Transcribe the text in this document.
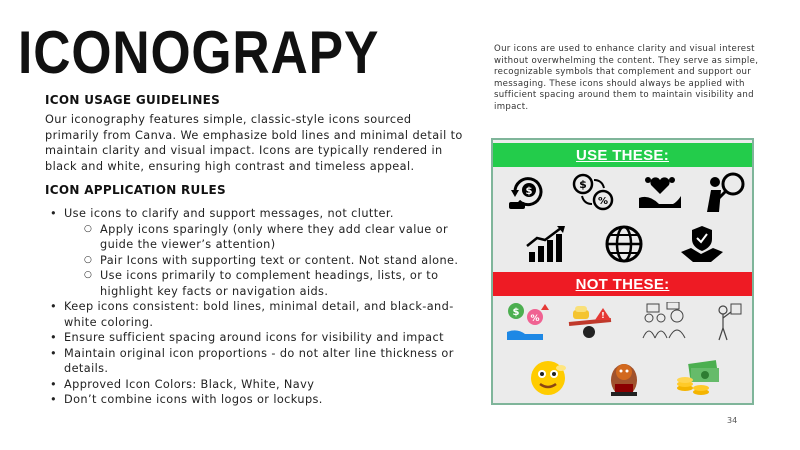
ICONOGRAPY
ICON USAGE GUIDELINES

Our iconography features simple, classic-style icons sourced primarily from Canva. We emphasize bold lines and minimal detail to maintain clarity and visual impact. Icons are typically rendered in black and white, ensuring high contrast and timeless appeal.

ICON APPLICATION RULES
• Use icons to clarify and support messages, not clutter.
○ Apply icons sparingly (only where they add clear value or guide the viewer’s attention)
○ Pair Icons with supporting text or content. Not stand alone.
○ Use icons primarily to complement headings, lists, or to highlight key facts or navigation aids.
• Keep icons consistent: bold lines, minimal detail, and black-and-white coloring.
• Ensure sufficient spacing around icons for visibility and impact
• Maintain original icon proportions - do not alter line thickness or details.
• Approved Icon Colors: Black, White, Navy
• Don’t combine icons with logos or lockups.

Our icons are used to enhance clarity and visual interest without overwhelming the content. They serve as simple, recognizable symbols that complement and support our messaging. These icons should always be applied with sufficient spacing around them to maintain visibility and impact.

USE THESE:
$
$
%
NOT THESE:
$
%	!
34
